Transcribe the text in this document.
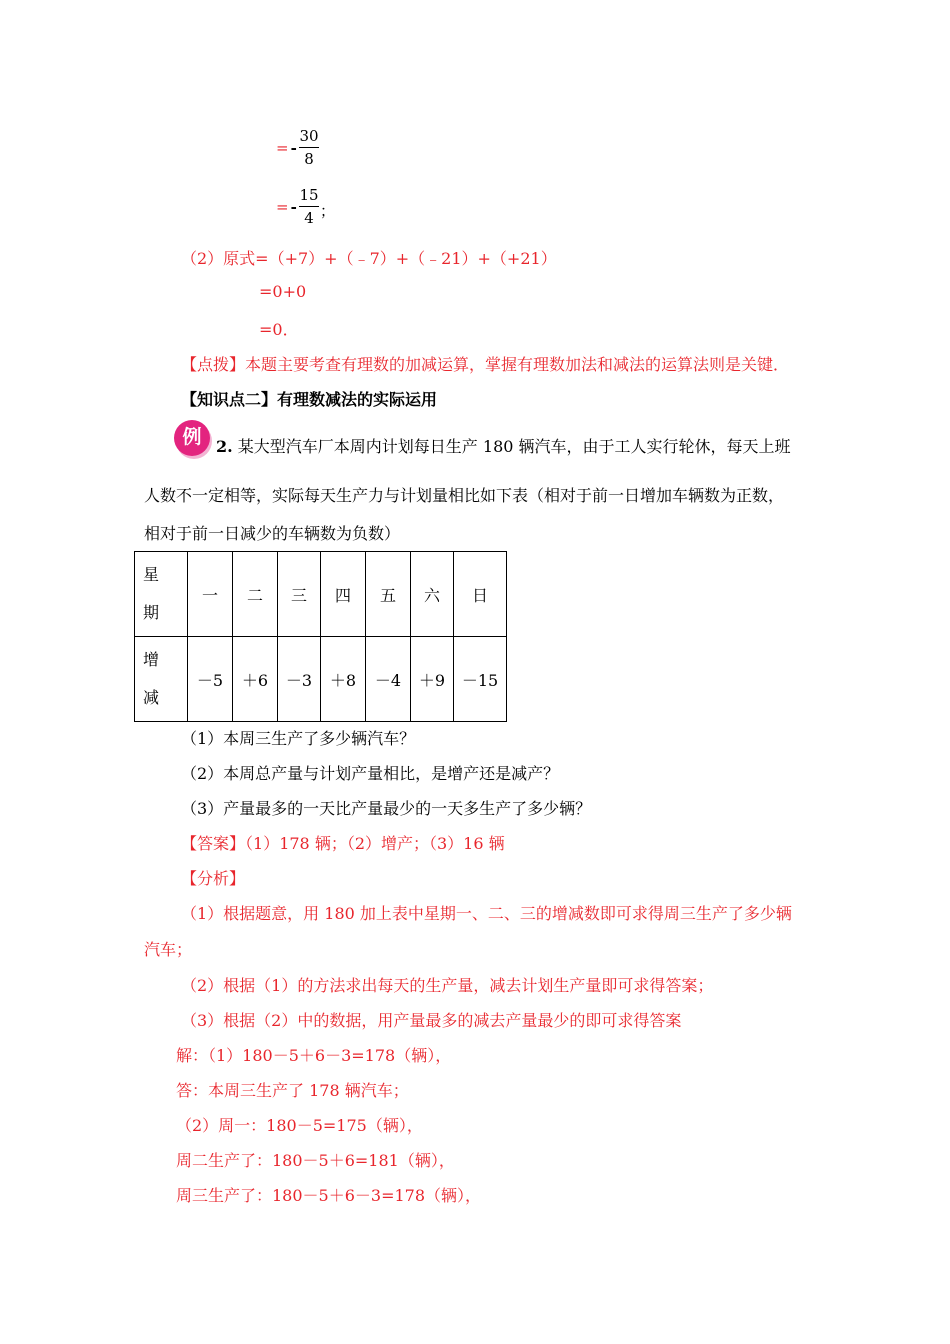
= -
30
8
= -
15
4 ；
（2）原式=（+7）+（﹣7）+（﹣21）+（+21）
=0+0
=0．
【点拨】本题主要考查有理数的加减运算，掌握有理数加法和减法的运算法则是关键．
【知识点二】有理数减法的实际运用
例 2. 某大型汽车厂本周内计划每日生产 180 辆汽车，由于工人实行轮休，每天上班
人数不一定相等，实际每天生产力与计划量相比如下表（相对于前一日增加车辆数为正数，
相对于前一日减少的车辆数为负数）
星
期	一	二	三	四	五	六	日

增
减	－5	＋6	－3	＋8	－4	＋9	－15
（1）本周三生产了多少辆汽车？
（2）本周总产量与计划产量相比，是增产还是减产？
（3）产量最多的一天比产量最少的一天多生产了多少辆？
【答案】（1）178 辆；（2）增产；（3）16 辆
【分析】
（1）根据题意，用 180 加上表中星期一、二、三的增减数即可求得周三生产了多少辆
汽车；
（2）根据（1）的方法求出每天的生产量，减去计划生产量即可求得答案；
（3）根据（2）中的数据，用产量最多的减去产量最少的即可求得答案
解：（1）180－5＋6－3=178（辆），
答：本周三生产了 178 辆汽车；
（2）周一：180－5=175（辆），
周二生产了：180－5＋6=181（辆），
周三生产了：180－5＋6－3=178（辆），
